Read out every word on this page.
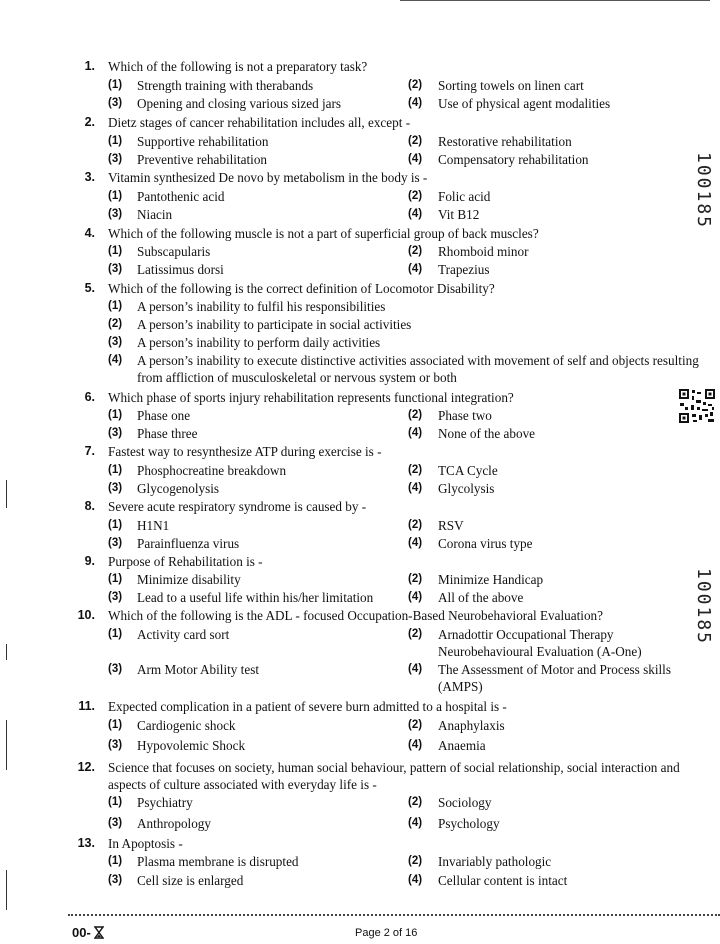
1. Which of the following is not a preparatory task?
(1)	Strength training with therabands	(2)	Sorting towels on linen cart
(3)	Opening and closing various sized jars	(4)	Use of physical agent modalities
2. Dietz stages of cancer rehabilitation includes all, except -
(1)	Supportive rehabilitation	(2)	Restorative rehabilitation
(3)	Preventive rehabilitation	(4)	Compensatory rehabilitation
3. Vitamin synthesized De novo by metabolism in the body is -
(1)	Pantothenic acid	(2)	Folic acid
(3)	Niacin	(4)	Vit B12
4. Which of the following muscle is not a part of superficial group of back muscles?
(1)	Subscapularis	(2)	Rhomboid minor
(3)	Latissimus dorsi	(4)	Trapezius
5. Which of the following is the correct definition of Locomotor Disability?
(1)	A person’s inability to fulfil his responsibilities
(2)	A person’s inability to participate in social activities
(3)	A person’s inability to perform daily activities
(4)	A person’s inability to execute distinctive activities associated with movement of self and objects resulting from affliction of musculoskeletal or nervous system or both
6. Which phase of sports injury rehabilitation represents functional integration?
(1)	Phase one	(2)	Phase two
(3)	Phase three	(4)	None of the above
7. Fastest way to resynthesize ATP during exercise is -
(1)	Phosphocreatine breakdown	(2)	TCA Cycle
(3)	Glycogenolysis	(4)	Glycolysis
8. Severe acute respiratory syndrome is caused by -
(1)	H1N1	(2)	RSV
(3)	Parainfluenza virus	(4)	Corona virus type
9. Purpose of Rehabilitation is -
(1)	Minimize disability	(2)	Minimize Handicap
(3)	Lead to a useful life within his/her limitation	(4)	All of the above
10. Which of the following is the ADL - focused Occupation-Based Neurobehavioral Evaluation?
(1)	Activity card sort	(2)	Arnadottir Occupational Therapy Neurobehavioural Evaluation (A-One)
(3)	Arm Motor Ability test	(4)	The Assessment of Motor and Process skills (AMPS)
11. Expected complication in a patient of severe burn admitted to a hospital is -
(1)	Cardiogenic shock	(2)	Anaphylaxis
(3)	Hypovolemic Shock	(4)	Anaemia
12. Science that focuses on society, human social behaviour, pattern of social relationship, social interaction and aspects of culture associated with everyday life is -
(1)	Psychiatry	(2)	Sociology
(3)	Anthropology	(4)	Psychology
13. In Apoptosis -
(1)	Plasma membrane is disrupted	(2)	Invariably pathologic
(3)	Cell size is enlarged	(4)	Cellular content is intact
100185
100185
00-	Page 2 of 16
